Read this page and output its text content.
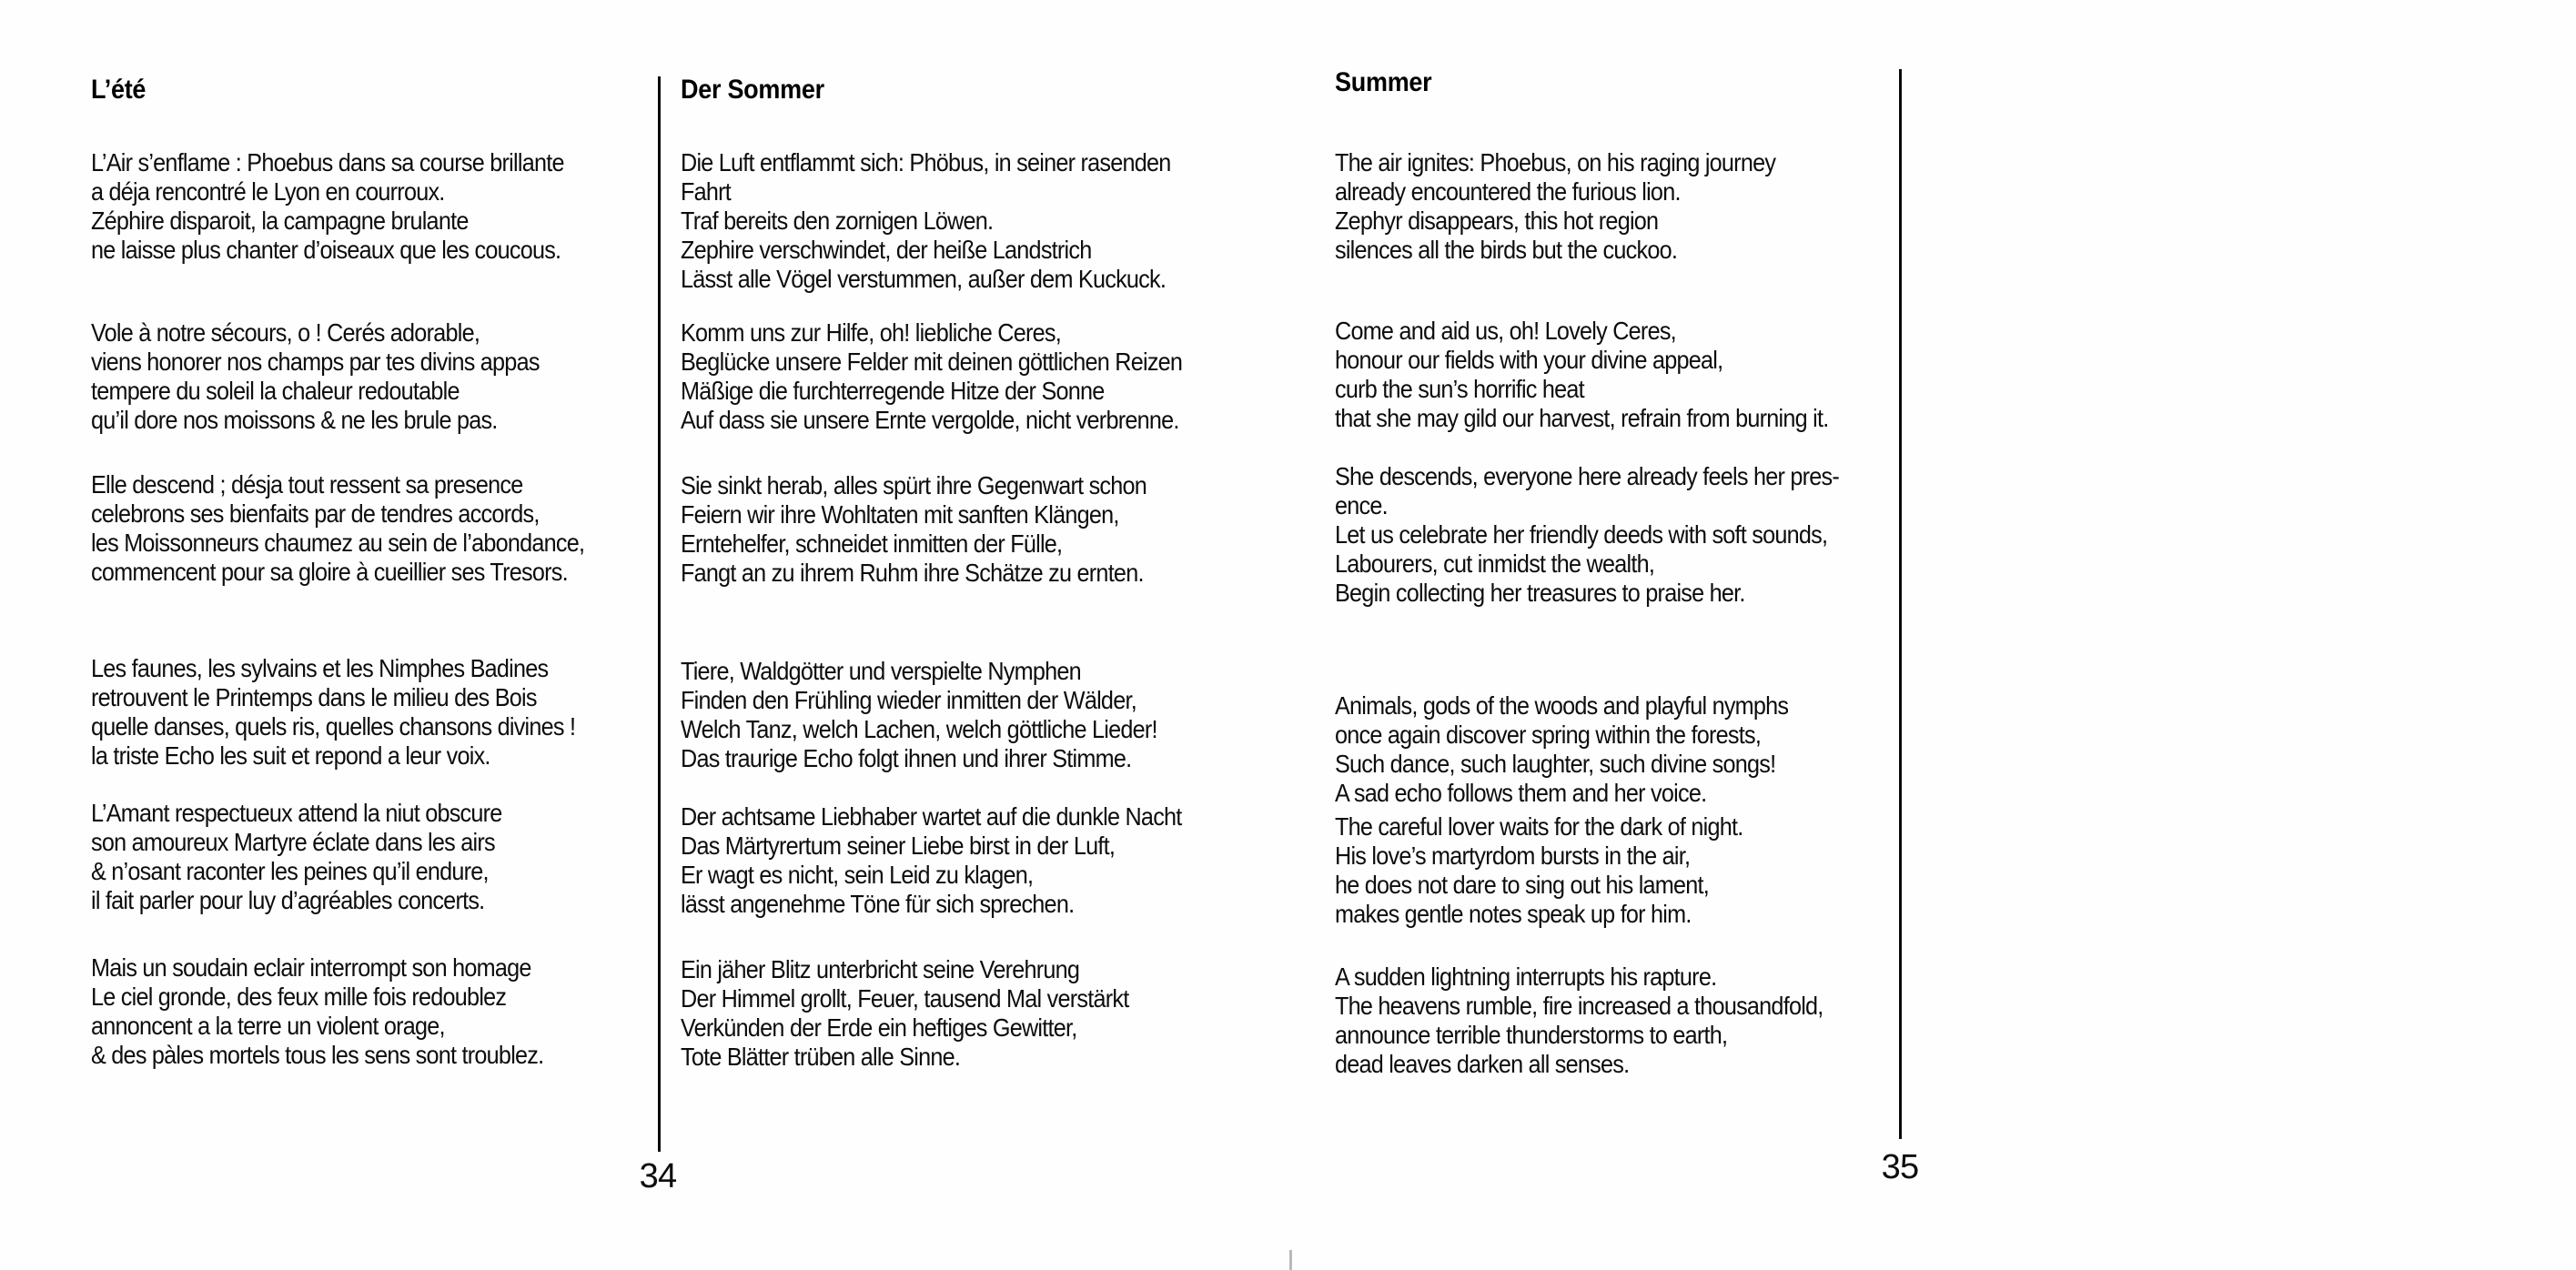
L’été
L’Air s’enflame : Phoebus dans sa course brillante
a déja rencontré le Lyon en courroux.
Zéphire disparoit, la campagne brulante
ne laisse plus chanter d’oiseaux que les coucous.
Vole à notre sécours, o ! Cerés adorable,
viens honorer nos champs par tes divins appas
tempere du soleil la chaleur redoutable
qu’il dore nos moissons & ne les brule pas.
Elle descend ; désja tout ressent sa presence
celebrons ses bienfaits par de tendres accords,
les Moissonneurs chaumez au sein de l’abondance,
commencent pour sa gloire à cueillier ses Tresors.
Les faunes, les sylvains et les Nimphes Badines
retrouvent le Printemps dans le milieu des Bois
quelle danses, quels ris, quelles chansons divines !
la triste Echo les suit et repond a leur voix.
L’Amant respectueux attend la niut obscure
son amoureux Martyre éclate dans les airs
& n’osant raconter les peines qu’il endure,
il fait parler pour luy d’agréables concerts.
Mais un soudain eclair interrompt son homage
Le ciel gronde, des feux mille fois redoublez
annoncent a la terre un violent orage,
& des pàles mortels tous les sens sont troublez.
Der Sommer
Die Luft entflammt sich: Phöbus, in seiner rasenden
Fahrt
Traf bereits den zornigen Löwen.
Zephire verschwindet, der heiße Landstrich
Lässt alle Vögel verstummen, außer dem Kuckuck.
Komm uns zur Hilfe, oh! liebliche Ceres,
Beglücke unsere Felder mit deinen göttlichen Reizen
Mäßige die furchterregende Hitze der Sonne
Auf dass sie unsere Ernte vergolde, nicht verbrenne.
Sie sinkt herab, alles spürt ihre Gegenwart schon
Feiern wir ihre Wohltaten mit sanften Klängen,
Erntehelfer, schneidet inmitten der Fülle,
Fangt an zu ihrem Ruhm ihre Schätze zu ernten.
Tiere, Waldgötter und verspielte Nymphen
Finden den Frühling wieder inmitten der Wälder,
Welch Tanz, welch Lachen, welch göttliche Lieder!
Das traurige Echo folgt ihnen und ihrer Stimme.
Der achtsame Liebhaber wartet auf die dunkle Nacht
Das Märtyrertum seiner Liebe birst in der Luft,
Er wagt es nicht, sein Leid zu klagen,
lässt angenehme Töne für sich sprechen.
Ein jäher Blitz unterbricht seine Verehrung
Der Himmel grollt, Feuer, tausend Mal verstärkt
Verkünden der Erde ein heftiges Gewitter,
Tote Blätter trüben alle Sinne.
Summer
The air ignites: Phoebus, on his raging journey
already encountered the furious lion.
Zephyr disappears, this hot region
silences all the birds but the cuckoo.
Come and aid us, oh! Lovely Ceres,
honour our fields with your divine appeal,
curb the sun’s horrific heat
that she may gild our harvest, refrain from burning it.
She descends, everyone here already feels her pres-
ence.
Let us celebrate her friendly deeds with soft sounds,
Labourers, cut inmidst the wealth,
Begin collecting her treasures to praise her.
Animals, gods of the woods and playful nymphs
once again discover spring within the forests,
Such dance, such laughter, such divine songs!
A sad echo follows them and her voice.
The careful lover waits for the dark of night.
His love’s martyrdom bursts in the air,
he does not dare to sing out his lament,
makes gentle notes speak up for him.
A sudden lightning interrupts his rapture.
The heavens rumble, fire increased a thousandfold,
announce terrible thunderstorms to earth,
dead leaves darken all senses.
34	35
